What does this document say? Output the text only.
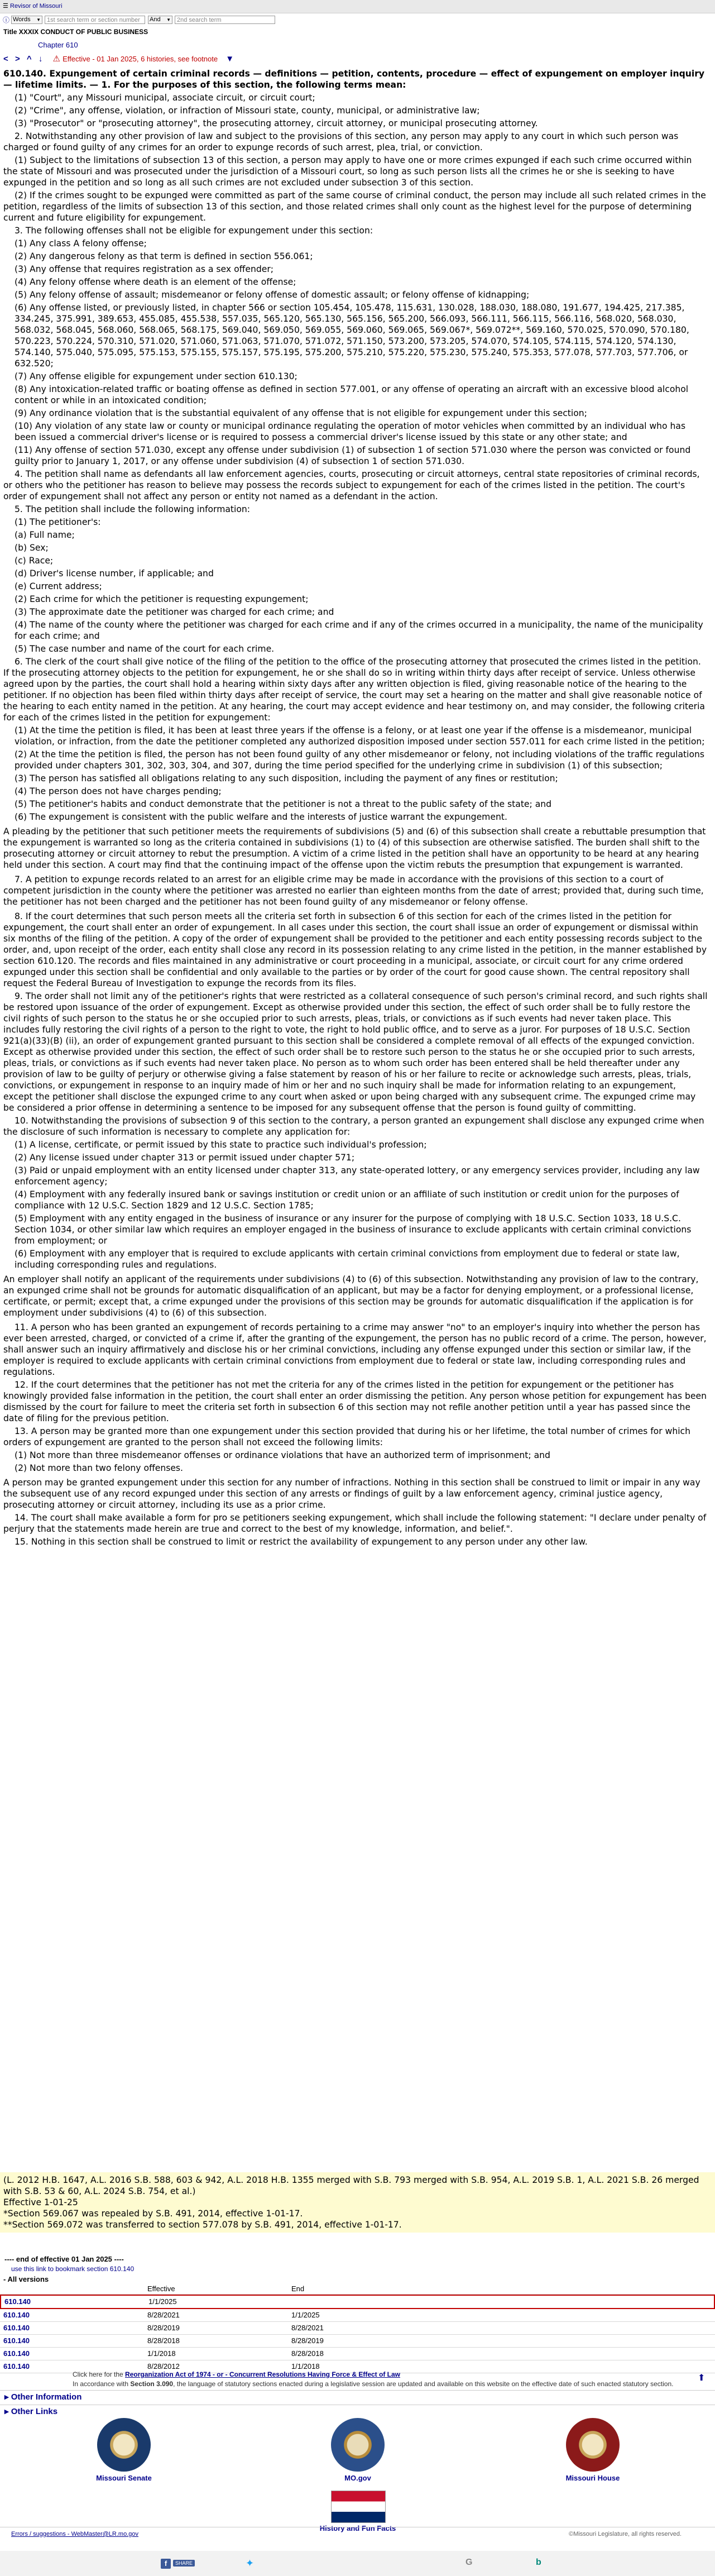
☰ Revisor of Missouri
ⓘ Words ▼	1st search term or section number	And ▼	2nd search term
Title XXXIX CONDUCT OF PUBLIC BUSINESS
Chapter 610
< > ^ ↓ ⚠ Effective - 01 Jan 2025, 6 histories, see footnote ▼

610.140. Expungement of certain criminal records — definitions — petition, contents, procedure — effect of expungement on employer inquiry — lifetime limits. — 1. For the purposes of this section, the following terms mean:

(1) "Court", any Missouri municipal, associate circuit, or circuit court;

(2) "Crime", any offense, violation, or infraction of Missouri state, county, municipal, or administrative law;

(3) "Prosecutor" or "prosecuting attorney", the prosecuting attorney, circuit attorney, or municipal prosecuting attorney.

2. Notwithstanding any other provision of law and subject to the provisions of this section, any person may apply to any court in which such person was charged or found guilty of any crimes for an order to expunge records of such arrest, plea, trial, or conviction.

(1) Subject to the limitations of subsection 13 of this section, a person may apply to have one or more crimes expunged if each such crime occurred within the state of Missouri and was prosecuted under the jurisdiction of a Missouri court, so long as such person lists all the crimes he or she is seeking to have expunged in the petition and so long as all such crimes are not excluded under subsection 3 of this section.

(2) If the crimes sought to be expunged were committed as part of the same course of criminal conduct, the person may include all such related crimes in the petition, regardless of the limits of subsection 13 of this section, and those related crimes shall only count as the highest level for the purpose of determining current and future eligibility for expungement.

3. The following offenses shall not be eligible for expungement under this section:

(1) Any class A felony offense;

(2) Any dangerous felony as that term is defined in section 556.061;

(3) Any offense that requires registration as a sex offender;

(4) Any felony offense where death is an element of the offense;

(5) Any felony offense of assault; misdemeanor or felony offense of domestic assault; or felony offense of kidnapping;

(6) Any offense listed, or previously listed, in chapter 566 or section 105.454, 105.478, 115.631, 130.028, 188.030, 188.080, 191.677, 194.425, 217.385, 334.245, 375.991, 389.653, 455.085, 455.538, 557.035, 565.120, 565.130, 565.156, 565.200, 566.093, 566.111, 566.115, 566.116, 568.020, 568.030, 568.032, 568.045, 568.060, 568.065, 568.175, 569.040, 569.050, 569.055, 569.060, 569.065, 569.067*, 569.072**, 569.160, 570.025, 570.090, 570.180, 570.223, 570.224, 570.310, 571.020, 571.060, 571.063, 571.070, 571.072, 571.150, 573.200, 573.205, 574.070, 574.105, 574.115, 574.120, 574.130, 574.140, 575.040, 575.095, 575.153, 575.155, 575.157, 575.195, 575.200, 575.210, 575.220, 575.230, 575.240, 575.353, 577.078, 577.703, 577.706, or 632.520;

(7) Any offense eligible for expungement under section 610.130;

(8) Any intoxication-related traffic or boating offense as defined in section 577.001, or any offense of operating an aircraft with an excessive blood alcohol content or while in an intoxicated condition;

(9) Any ordinance violation that is the substantial equivalent of any offense that is not eligible for expungement under this section;

(10) Any violation of any state law or county or municipal ordinance regulating the operation of motor vehicles when committed by an individual who has been issued a commercial driver's license or is required to possess a commercial driver's license issued by this state or any other state; and

(11) Any offense of section 571.030, except any offense under subdivision (1) of subsection 1 of section 571.030 where the person was convicted or found guilty prior to January 1, 2017, or any offense under subdivision (4) of subsection 1 of section 571.030.

4. The petition shall name as defendants all law enforcement agencies, courts, prosecuting or circuit attorneys, central state repositories of criminal records, or others who the petitioner has reason to believe may possess the records subject to expungement for each of the crimes listed in the petition. The court's order of expungement shall not affect any person or entity not named as a defendant in the action.

5. The petition shall include the following information:

(1) The petitioner's:

(a) Full name;

(b) Sex;

(c) Race;

(d) Driver's license number, if applicable; and

(e) Current address;

(2) Each crime for which the petitioner is requesting expungement;

(3) The approximate date the petitioner was charged for each crime; and

(4) The name of the county where the petitioner was charged for each crime and if any of the crimes occurred in a municipality, the name of the municipality for each crime; and

(5) The case number and name of the court for each crime.

6. The clerk of the court shall give notice of the filing of the petition to the office of the prosecuting attorney that prosecuted the crimes listed in the petition. If the prosecuting attorney objects to the petition for expungement, he or she shall do so in writing within thirty days after receipt of service. Unless otherwise agreed upon by the parties, the court shall hold a hearing within sixty days after any written objection is filed, giving reasonable notice of the hearing to the petitioner. If no objection has been filed within thirty days after receipt of service, the court may set a hearing on the matter and shall give reasonable notice of the hearing to each entity named in the petition. At any hearing, the court may accept evidence and hear testimony on, and may consider, the following criteria for each of the crimes listed in the petition for expungement:

(1) At the time the petition is filed, it has been at least three years if the offense is a felony, or at least one year if the offense is a misdemeanor, municipal violation, or infraction, from the date the petitioner completed any authorized disposition imposed under section 557.011 for each crime listed in the petition;

(2) At the time the petition is filed, the person has not been found guilty of any other misdemeanor or felony, not including violations of the traffic regulations provided under chapters 301, 302, 303, 304, and 307, during the time period specified for the underlying crime in subdivision (1) of this subsection;

(3) The person has satisfied all obligations relating to any such disposition, including the payment of any fines or restitution;

(4) The person does not have charges pending;

(5) The petitioner's habits and conduct demonstrate that the petitioner is not a threat to the public safety of the state; and

(6) The expungement is consistent with the public welfare and the interests of justice warrant the expungement.

A pleading by the petitioner that such petitioner meets the requirements of subdivisions (5) and (6) of this subsection shall create a rebuttable presumption that the expungement is warranted so long as the criteria contained in subdivisions (1) to (4) of this subsection are otherwise satisfied. The burden shall shift to the prosecuting attorney or circuit attorney to rebut the presumption. A victim of a crime listed in the petition shall have an opportunity to be heard at any hearing held under this section. A court may find that the continuing impact of the offense upon the victim rebuts the presumption that expungement is warranted.

7. A petition to expunge records related to an arrest for an eligible crime may be made in accordance with the provisions of this section to a court of competent jurisdiction in the county where the petitioner was arrested no earlier than eighteen months from the date of arrest; provided that, during such time, the petitioner has not been charged and the petitioner has not been found guilty of any misdemeanor or felony offense.

8. If the court determines that such person meets all the criteria set forth in subsection 6 of this section for each of the crimes listed in the petition for expungement, the court shall enter an order of expungement. In all cases under this section, the court shall issue an order of expungement or dismissal within six months of the filing of the petition. A copy of the order of expungement shall be provided to the petitioner and each entity possessing records subject to the order, and, upon receipt of the order, each entity shall close any record in its possession relating to any crime listed in the petition, in the manner established by section 610.120. The records and files maintained in any administrative or court proceeding in a municipal, associate, or circuit court for any crime ordered expunged under this section shall be confidential and only available to the parties or by order of the court for good cause shown. The central repository shall request the Federal Bureau of Investigation to expunge the records from its files.

9. The order shall not limit any of the petitioner's rights that were restricted as a collateral consequence of such person's criminal record, and such rights shall be restored upon issuance of the order of expungement. Except as otherwise provided under this section, the effect of such order shall be to fully restore the civil rights of such person to the status he or she occupied prior to such arrests, pleas, trials, or convictions as if such events had never taken place. This includes fully restoring the civil rights of a person to the right to vote, the right to hold public office, and to serve as a juror. For purposes of 18 U.S.C. Section 921(a)(33)(B) (ii), an order of expungement granted pursuant to this section shall be considered a complete removal of all effects of the expunged conviction. Except as otherwise provided under this section, the effect of such order shall be to restore such person to the status he or she occupied prior to such arrests, pleas, trials, or convictions as if such events had never taken place. No person as to whom such order has been entered shall be held thereafter under any provision of law to be guilty of perjury or otherwise giving a false statement by reason of his or her failure to recite or acknowledge such arrests, pleas, trials, convictions, or expungement in response to an inquiry made of him or her and no such inquiry shall be made for information relating to an expungement, except the petitioner shall disclose the expunged crime to any court when asked or upon being charged with any subsequent crime. The expunged crime may be considered a prior offense in determining a sentence to be imposed for any subsequent offense that the person is found guilty of committing.

10. Notwithstanding the provisions of subsection 9 of this section to the contrary, a person granted an expungement shall disclose any expunged crime when the disclosure of such information is necessary to complete any application for:

(1) A license, certificate, or permit issued by this state to practice such individual's profession;

(2) Any license issued under chapter 313 or permit issued under chapter 571;

(3) Paid or unpaid employment with an entity licensed under chapter 313, any state-operated lottery, or any emergency services provider, including any law enforcement agency;

(4) Employment with any federally insured bank or savings institution or credit union or an affiliate of such institution or credit union for the purposes of compliance with 12 U.S.C. Section 1829 and 12 U.S.C. Section 1785;

(5) Employment with any entity engaged in the business of insurance or any insurer for the purpose of complying with 18 U.S.C. Section 1033, 18 U.S.C. Section 1034, or other similar law which requires an employer engaged in the business of insurance to exclude applicants with certain criminal convictions from employment; or

(6) Employment with any employer that is required to exclude applicants with certain criminal convictions from employment due to federal or state law, including corresponding rules and regulations.

An employer shall notify an applicant of the requirements under subdivisions (4) to (6) of this subsection. Notwithstanding any provision of law to the contrary, an expunged crime shall not be grounds for automatic disqualification of an applicant, but may be a factor for denying employment, or a professional license, certificate, or permit; except that, a crime expunged under the provisions of this section may be grounds for automatic disqualification if the application is for employment under subdivisions (4) to (6) of this subsection.

11. A person who has been granted an expungement of records pertaining to a crime may answer "no" to an employer's inquiry into whether the person has ever been arrested, charged, or convicted of a crime if, after the granting of the expungement, the person has no public record of a crime. The person, however, shall answer such an inquiry affirmatively and disclose his or her criminal convictions, including any offense expunged under this section or similar law, if the employer is required to exclude applicants with certain criminal convictions from employment due to federal or state law, including corresponding rules and regulations.

12. If the court determines that the petitioner has not met the criteria for any of the crimes listed in the petition for expungement or the petitioner has knowingly provided false information in the petition, the court shall enter an order dismissing the petition. Any person whose petition for expungement has been dismissed by the court for failure to meet the criteria set forth in subsection 6 of this section may not refile another petition until a year has passed since the date of filing for the previous petition.

13. A person may be granted more than one expungement under this section provided that during his or her lifetime, the total number of crimes for which orders of expungement are granted to the person shall not exceed the following limits:

(1) Not more than three misdemeanor offenses or ordinance violations that have an authorized term of imprisonment; and

(2) Not more than two felony offenses.

A person may be granted expungement under this section for any number of infractions. Nothing in this section shall be construed to limit or impair in any way the subsequent use of any record expunged under this section of any arrests or findings of guilt by a law enforcement agency, criminal justice agency, prosecuting attorney or circuit attorney, including its use as a prior crime.

14. The court shall make available a form for pro se petitioners seeking expungement, which shall include the following statement: "I declare under penalty of perjury that the statements made herein are true and correct to the best of my knowledge, information, and belief.".

15. Nothing in this section shall be construed to limit or restrict the availability of expungement to any person under any other law.

(L. 2012 H.B. 1647, A.L. 2016 S.B. 588, 603 & 942, A.L. 2018 H.B. 1355 merged with S.B. 793 merged with S.B. 954, A.L. 2019 S.B. 1, A.L. 2021 S.B. 26 merged with S.B. 53 & 60, A.L. 2024 S.B. 754, et al.)
Effective 1-01-25
*Section 569.067 was repealed by S.B. 491, 2014, effective 1-01-17.
**Section 569.072 was transferred to section 577.078 by S.B. 491, 2014, effective 1-01-17.
---- end of effective 01 Jan 2025 ----
use this link to bookmark section 610.140
- All versions
Effective	End
610.140	1/1/2025
610.140	8/28/2021	1/1/2025
610.140	8/28/2019	8/28/2021
610.140	8/28/2018	8/28/2019
610.140	1/1/2018	8/28/2018
610.140	8/28/2012	1/1/2018
Click here for the Reorganization Act of 1974 - or - Concurrent Resolutions Having Force & Effect of Law
In accordance with Section 3.090, the language of statutory sections enacted during a legislative session are updated and available on this website on the effective date of such enacted statutory section.
⬆
▸ Other Information
▸ Other Links
Missouri Senate	MO.gov	Missouri House
History and Fun Facts
Errors / suggestions - WebMaster@LR.mo.gov	©Missouri Legislature, all rights reserved.
f	SHARE	✦	G	b
